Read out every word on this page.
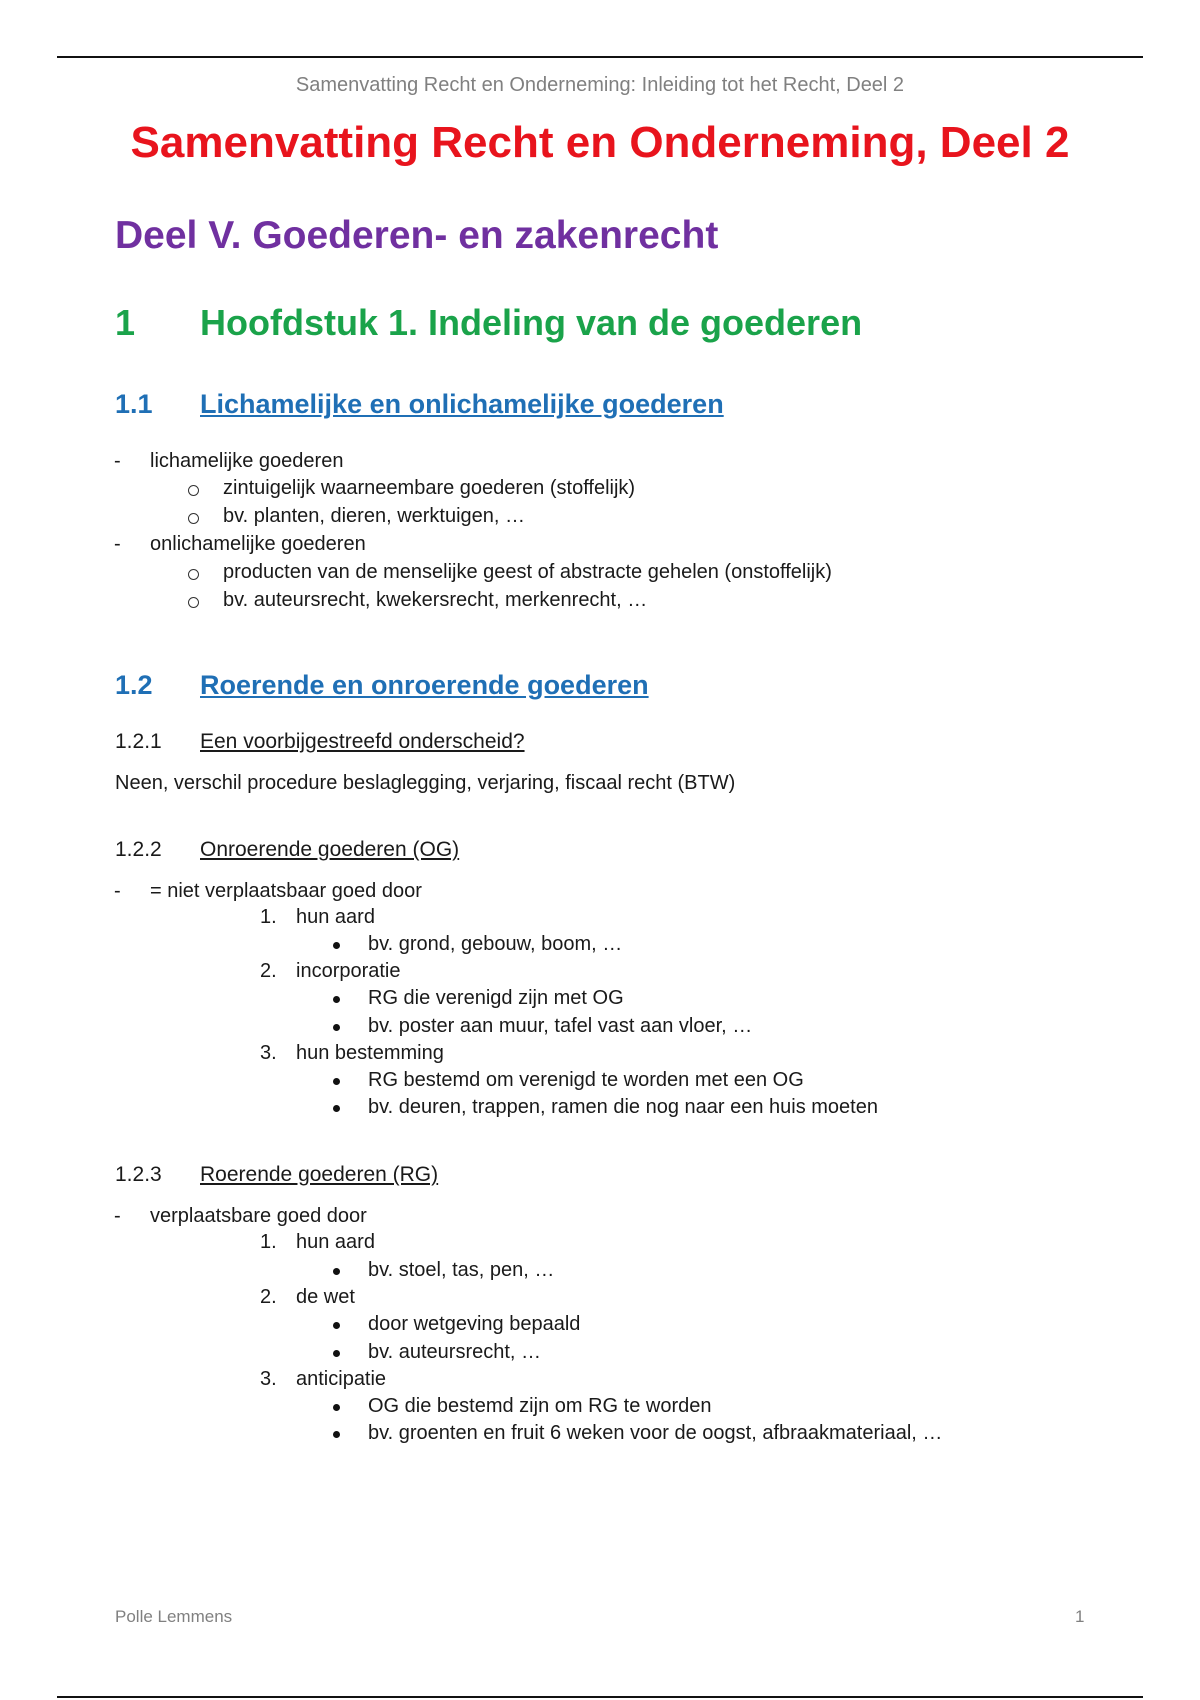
Samenvatting Recht en Onderneming: Inleiding tot het Recht, Deel 2
Samenvatting Recht en Onderneming, Deel 2
Deel V. Goederen- en zakenrecht
1 Hoofdstuk 1. Indeling van de goederen
1.1 Lichamelijke en onlichamelijke goederen
- lichamelijke goederen
zintuigelijk waarneembare goederen (stoffelijk)
bv. planten, dieren, werktuigen, …
- onlichamelijke goederen
producten van de menselijke geest of abstracte gehelen (onstoffelijk)
bv. auteursrecht, kwekersrecht, merkenrecht, …
1.2 Roerende en onroerende goederen
1.2.1 Een voorbijgestreefd onderscheid?
Neen, verschil procedure beslaglegging, verjaring, fiscaal recht (BTW)
1.2.2 Onroerende goederen (OG)
- = niet verplaatsbaar goed door
1. hun aard
bv. grond, gebouw, boom, …
2. incorporatie
RG die verenigd zijn met OG
bv. poster aan muur, tafel vast aan vloer, …
3. hun bestemming
RG bestemd om verenigd te worden met een OG
bv. deuren, trappen, ramen die nog naar een huis moeten
1.2.3 Roerende goederen (RG)
- verplaatsbare goed door
1. hun aard
bv. stoel, tas, pen, …
2. de wet
door wetgeving bepaald
bv. auteursrecht, …
3. anticipatie
OG die bestemd zijn om RG te worden
bv. groenten en fruit 6 weken voor de oogst, afbraakmateriaal, …
Polle Lemmens	1
